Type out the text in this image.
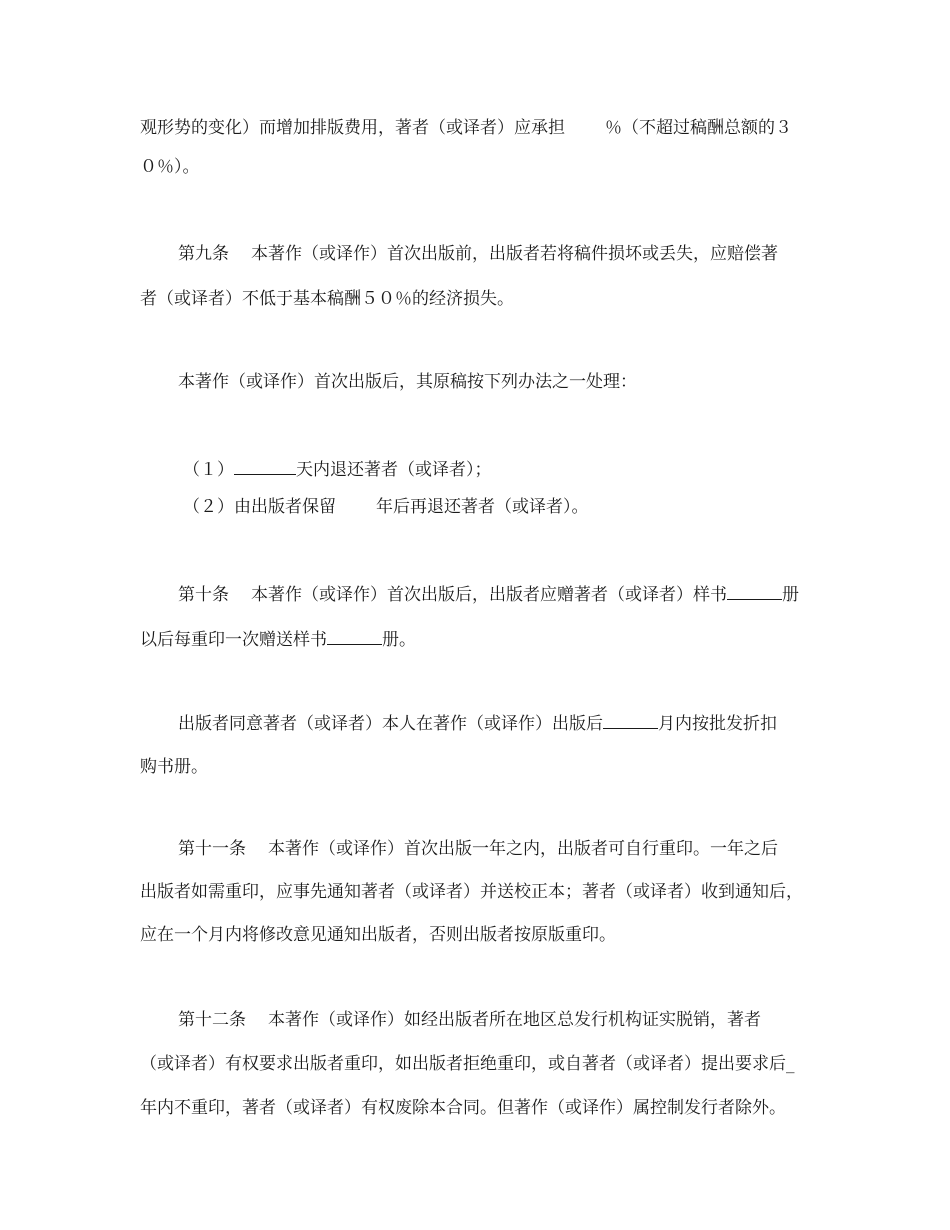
观形势的变化）而增加排版费用，著者（或译者）应承担 ％（不超过稿酬总额的３
０％）。
第九条 本著作（或译作）首次出版前，出版者若将稿件损坏或丢失，应赔偿著
者（或译者）不低于基本稿酬５０％的经济损失。
本著作（或译作）首次出版后，其原稿按下列办法之一处理：
（１）	天内退还著者（或译者）；
（２）由出版者保留 年后再退还著者（或译者）。
第十条 本著作（或译作）首次出版后，出版者应赠著者（或译者）样书	册
以后每重印一次赠送样书	册。
出版者同意著者（或译者）本人在著作（或译作）出版后	月内按批发折扣
购书册。
第十一条 本著作（或译作）首次出版一年之内，出版者可自行重印。一年之后
出版者如需重印，应事先通知著者（或译者）并送校正本；著者（或译者）收到通知后，
应在一个月内将修改意见通知出版者，否则出版者按原版重印。
第十二条 本著作（或译作）如经出版者所在地区总发行机构证实脱销，著者
（或译者）有权要求出版者重印，如出版者拒绝重印，或自著者（或译者）提出要求后_
年内不重印，著者（或译者）有权废除本合同。但著作（或译作）属控制发行者除外。
